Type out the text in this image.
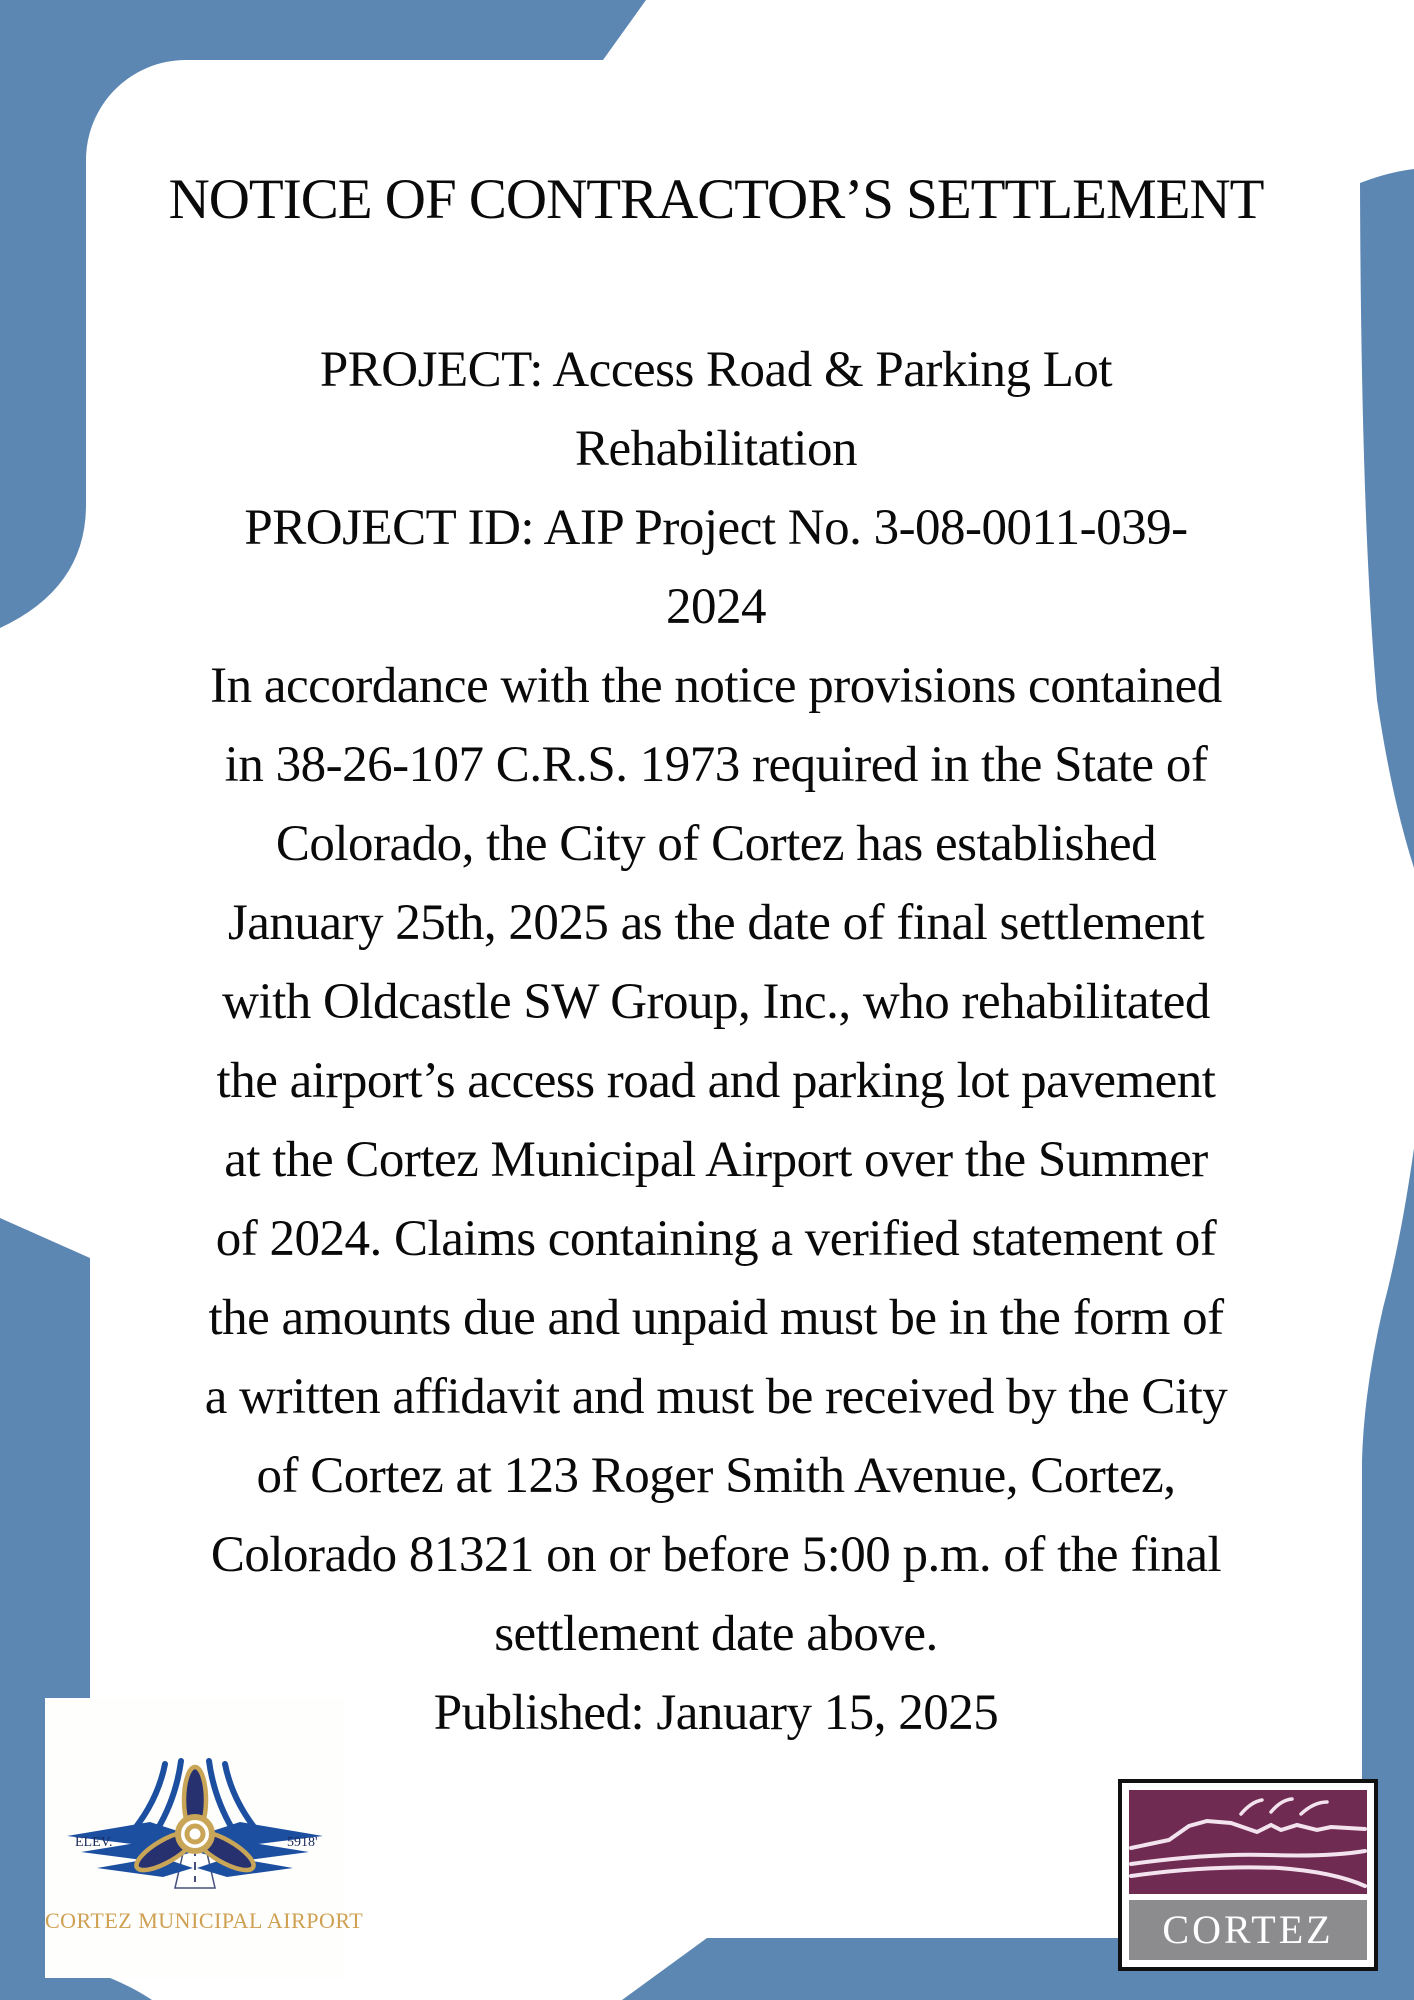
NOTICE OF CONTRACTOR’S SETTLEMENT
PROJECT: Access Road & Parking Lot
Rehabilitation
PROJECT ID: AIP Project No. 3-08-0011-039-
2024
In accordance with the notice provisions contained
in 38-26-107 C.R.S. 1973 required in the State of
Colorado, the City of Cortez has established
January 25th, 2025 as the date of final settlement
with Oldcastle SW Group, Inc., who rehabilitated
the airport’s access road and parking lot pavement
at the Cortez Municipal Airport over the Summer
of 2024. Claims containing a verified statement of
the amounts due and unpaid must be in the form of
a written affidavit and must be received by the City
of Cortez at 123 Roger Smith Avenue, Cortez,
Colorado 81321 on or before 5:00 p.m. of the final
settlement date above.
Published: January 15, 2025
ELEV.	5918'
CORTEZ MUNICIPAL AIRPORT	CORTEZ
